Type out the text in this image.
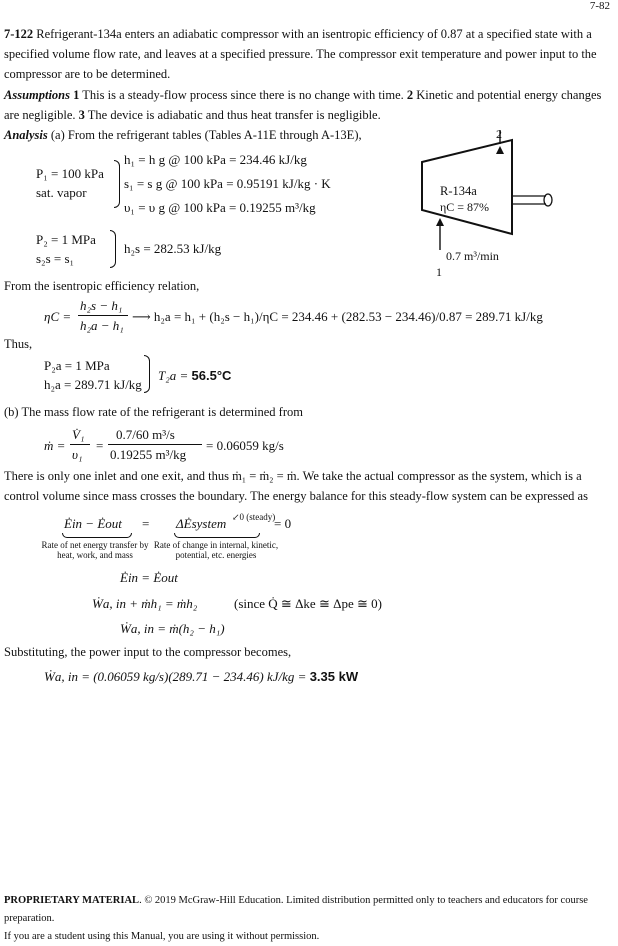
7-82
7-122 Refrigerant-134a enters an adiabatic compressor with an isentropic efficiency of 0.87 at a specified state with a specified volume flow rate, and leaves at a specified pressure. The compressor exit temperature and power input to the compressor are to be determined.
Assumptions 1 This is a steady-flow process since there is no change with time. 2 Kinetic and potential energy changes are negligible. 3 The device is adiabatic and thus heat transfer is negligible.
Analysis (a) From the refrigerant tables (Tables A-11E through A-13E),
P₁ = 100 kPa
sat. vapor
h₁ = h g @ 100 kPa = 234.46 kJ/kg
s₁ = s g @ 100 kPa = 0.95191 kJ/kg · K
υ₁ = υ g @ 100 kPa = 0.19255 m³/kg
P₂ = 1 MPa
s₂s = s₁
h₂s = 282.53 kJ/kg
2
R-134a
ηC = 87%
0.7 m³/min
1
From the isentropic efficiency relation,
ηC =
h₂s − h₁
h₂a − h₁
⟶ h₂a = h₁ + (h₂s − h₁)/ηC = 234.46 + (282.53 − 234.46)/0.87 = 289.71 kJ/kg
Thus,
P₂a = 1 MPa
h₂a = 289.71 kJ/kg
T₂a = 56.5°C
(b) The mass flow rate of the refrigerant is determined from
ṁ =
V̇₁
υ₁
=
0.7/60 m³/s
0.19255 m³/kg
= 0.06059 kg/s
There is only one inlet and one exit, and thus ṁ₁ = ṁ₂ = ṁ. We take the actual compressor as the system, which is a control volume since mass crosses the boundary. The energy balance for this steady-flow system can be expressed as
Ėin − Ėout
Rate of net energy transfer by heat, work, and mass
= ΔĖsystem ↙0 (steady)
Rate of change in internal, kinetic, potential, etc. energies
= 0
Ėin = Ėout
Ẇa, in + ṁh₁ = ṁh₂	(since Q̇ ≅ Δke ≅ Δpe ≅ 0)
Ẇa, in = ṁ(h₂ − h₁)
Substituting, the power input to the compressor becomes,
Ẇa, in = (0.06059 kg/s)(289.71 − 234.46) kJ/kg = 3.35 kW
PROPRIETARY MATERIAL. © 2019 McGraw-Hill Education. Limited distribution permitted only to teachers and educators for course preparation.
If you are a student using this Manual, you are using it without permission.
